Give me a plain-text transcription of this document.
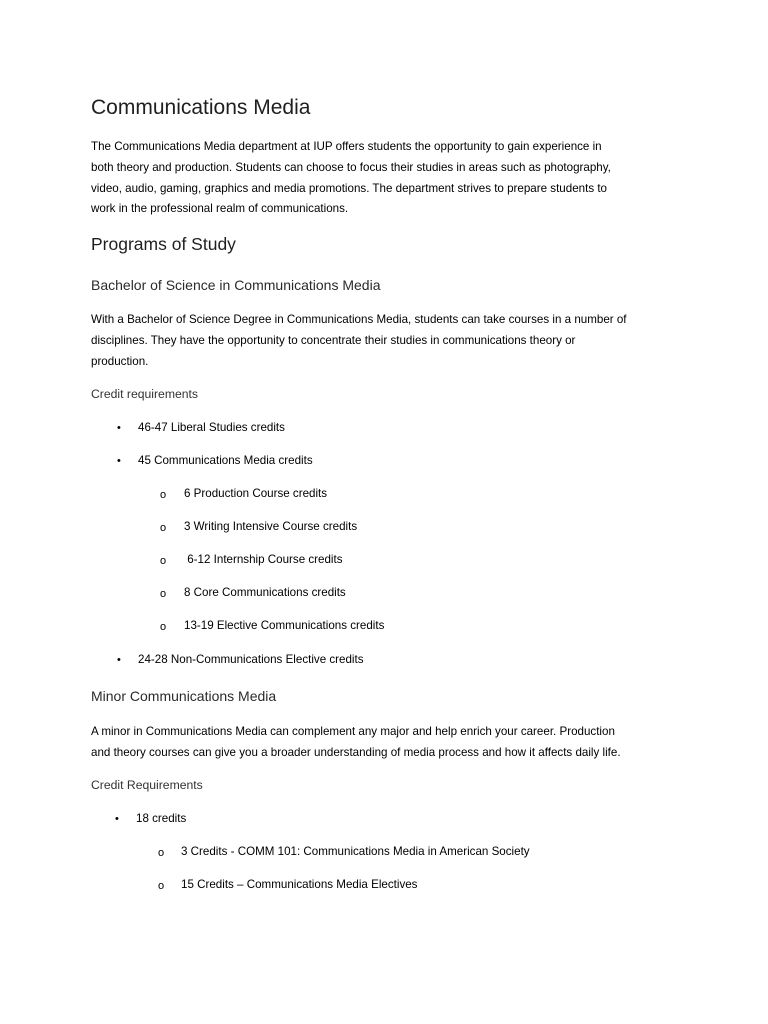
Communications Media
The Communications Media department at IUP offers students the opportunity to gain experience in
both theory and production. Students can choose to focus their studies in areas such as photography,
video, audio, gaming, graphics and media promotions. The department strives to prepare students to
work in the professional realm of communications.
Programs of Study
Bachelor of Science in Communications Media
With a Bachelor of Science Degree in Communications Media, students can take courses in a number of
disciplines. They have the opportunity to concentrate their studies in communications theory or
production.
Credit requirements
• 46-47 Liberal Studies credits
• 45 Communications Media credits
o 6 Production Course credits
o 3 Writing Intensive Course credits
o 6-12 Internship Course credits
o 8 Core Communications credits
o 13-19 Elective Communications credits
• 24-28 Non-Communications Elective credits
Minor Communications Media
A minor in Communications Media can complement any major and help enrich your career. Production
and theory courses can give you a broader understanding of media process and how it affects daily life.
Credit Requirements
• 18 credits
o 3 Credits - COMM 101: Communications Media in American Society
o 15 Credits – Communications Media Electives
